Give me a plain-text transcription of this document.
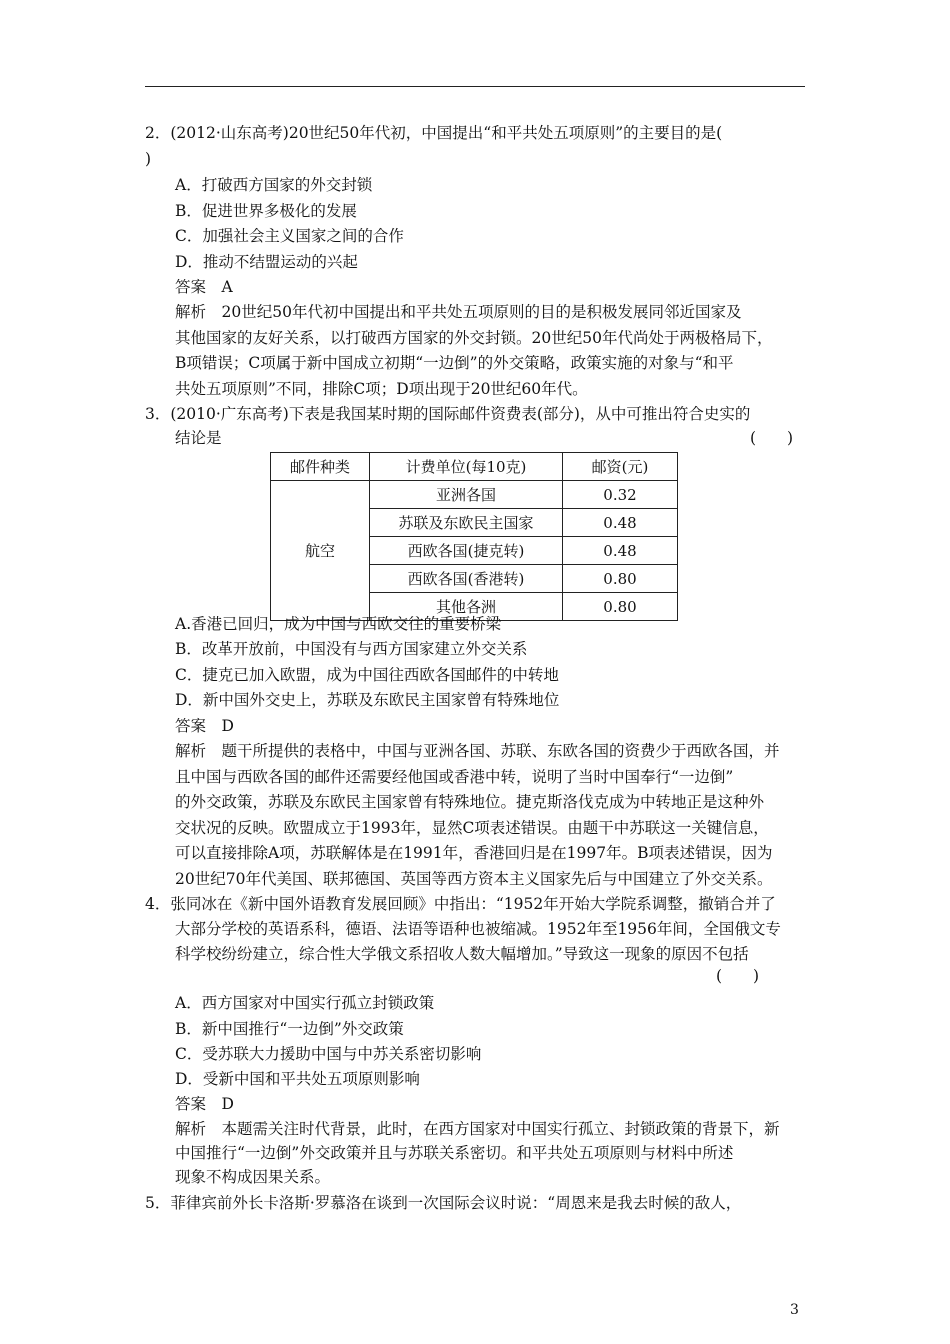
2．(2012·山东高考)20世纪50年代初，中国提出“和平共处五项原则”的主要目的是(
)
A．打破西方国家的外交封锁
B．促进世界多极化的发展
C．加强社会主义国家之间的合作
D．推动不结盟运动的兴起
答案　A
解析　20世纪50年代初中国提出和平共处五项原则的目的是积极发展同邻近国家及
其他国家的友好关系，以打破西方国家的外交封锁。20世纪50年代尚处于两极格局下，
B项错误；C项属于新中国成立初期“一边倒”的外交策略，政策实施的对象与“和平
共处五项原则”不同，排除C项；D项出现于20世纪60年代。
3．(2010·广东高考)下表是我国某时期的国际邮件资费表(部分)，从中可推出符合史实的
结论是	(　　)
邮件种类	计费单位(每10克)	邮资(元)
航空	亚洲各国	0.32
	苏联及东欧民主国家	0.48
	西欧各国(捷克转)	0.48
	西欧各国(香港转)	0.80
	其他各洲	0.80
A.香港已回归，成为中国与西欧交往的重要桥梁
B．改革开放前，中国没有与西方国家建立外交关系
C．捷克已加入欧盟，成为中国往西欧各国邮件的中转地
D．新中国外交史上，苏联及东欧民主国家曾有特殊地位
答案　D
解析　题干所提供的表格中，中国与亚洲各国、苏联、东欧各国的资费少于西欧各国，并
且中国与西欧各国的邮件还需要经他国或香港中转，说明了当时中国奉行“一边倒”
的外交政策，苏联及东欧民主国家曾有特殊地位。捷克斯洛伐克成为中转地正是这种外
交状况的反映。欧盟成立于1993年，显然C项表述错误。由题干中苏联这一关键信息，
可以直接排除A项，苏联解体是在1991年，香港回归是在1997年。B项表述错误，因为
20世纪70年代美国、联邦德国、英国等西方资本主义国家先后与中国建立了外交关系。
4．张同冰在《新中国外语教育发展回顾》中指出：“1952年开始大学院系调整，撤销合并了
大部分学校的英语系科，德语、法语等语种也被缩减。1952年至1956年间，全国俄文专
科学校纷纷建立，综合性大学俄文系招收人数大幅增加。”导致这一现象的原因不包括
(　　)
A．西方国家对中国实行孤立封锁政策
B．新中国推行“一边倒”外交政策
C．受苏联大力援助中国与中苏关系密切影响
D．受新中国和平共处五项原则影响
答案　D
解析　本题需关注时代背景，此时，在西方国家对中国实行孤立、封锁政策的背景下，新
中国推行“一边倒”外交政策并且与苏联关系密切。和平共处五项原则与材料中所述
现象不构成因果关系。
5．菲律宾前外长卡洛斯·罗慕洛在谈到一次国际会议时说：“周恩来是我去时候的敌人，
3
